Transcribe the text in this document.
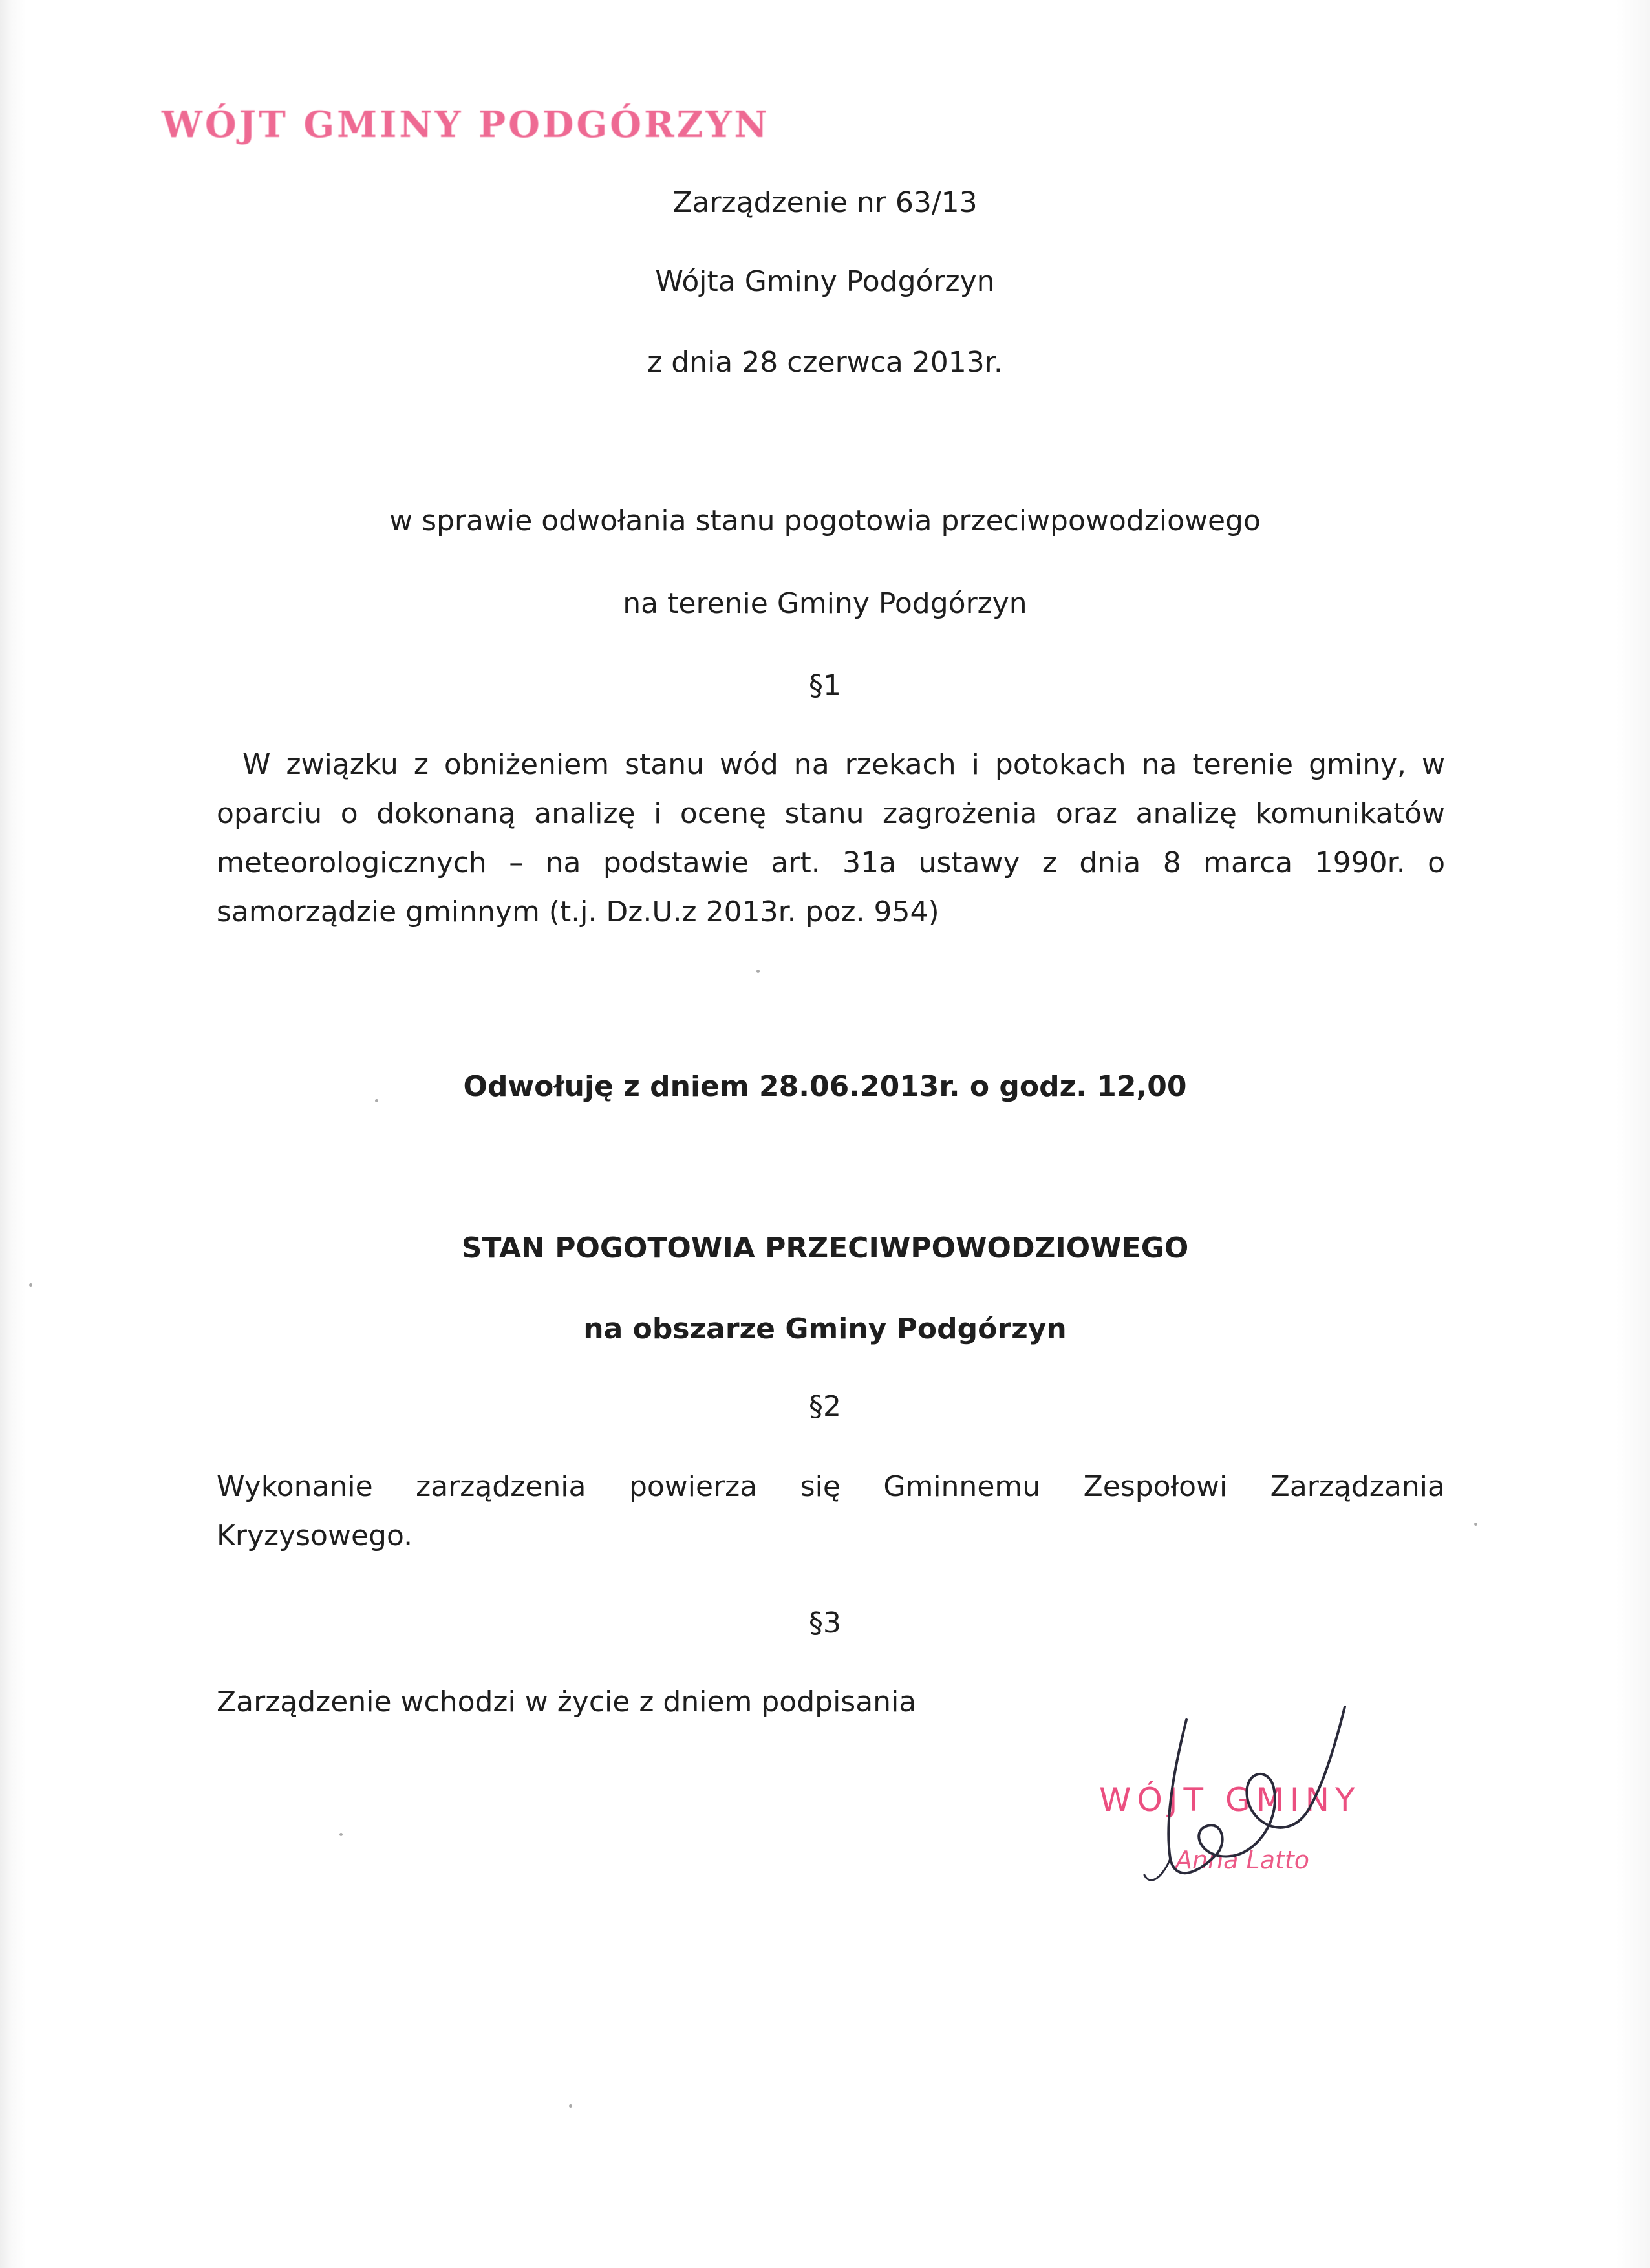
WÓJT GMINY PODGÓRZYN
Zarządzenie nr 63/13
Wójta Gminy Podgórzyn
z dnia 28 czerwca 2013r.
w sprawie odwołania stanu pogotowia przeciwpowodziowego
na terenie Gminy Podgórzyn
§1
W związku z obniżeniem stanu wód na rzekach i potokach na terenie gminy, w oparciu o dokonaną analizę i ocenę stanu zagrożenia oraz analizę komunikatów meteorologicznych – na podstawie art. 31a ustawy z dnia 8 marca 1990r. o samorządzie gminnym (t.j. Dz.U.z 2013r. poz. 954)
Odwołuję z dniem 28.06.2013r. o godz. 12,00
STAN POGOTOWIA PRZECIWPOWODZIOWEGO
na obszarze Gminy Podgórzyn
§2
Wykonanie zarządzenia powierza się Gminnemu Zespołowi Zarządzania Kryzysowego.
§3
Zarządzenie wchodzi w życie z dniem podpisania
WÓJT GMINY
Anna Latto
